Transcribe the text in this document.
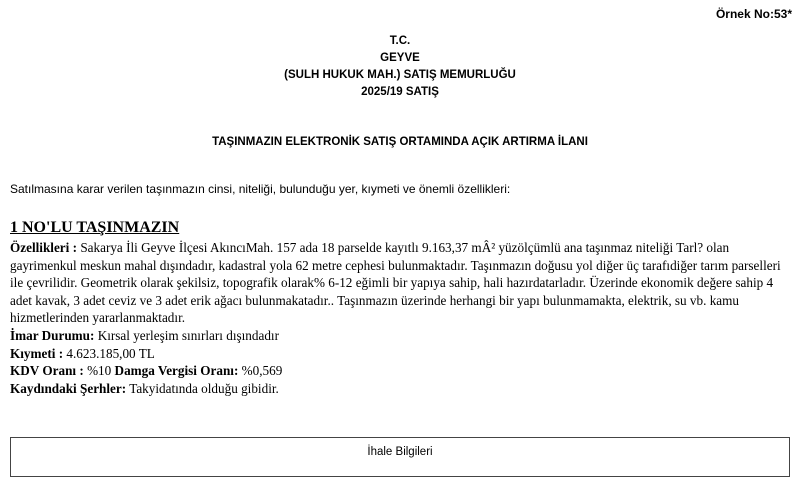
Örnek No:53*
T.C.
GEYVE
(SULH HUKUK MAH.) SATIŞ MEMURLUĞU
2025/19 SATIŞ
TAŞINMAZIN ELEKTRONİK SATIŞ ORTAMINDA AÇIK ARTIRMA İLANI
Satılmasına karar verilen taşınmazın cinsi, niteliği, bulunduğu yer, kıymeti ve önemli özellikleri:
1 NO'LU TAŞINMAZIN

Özellikleri : Sakarya İli Geyve İlçesi AkıncıMah. 157 ada 18 parselde kayıtlı 9.163,37 mÂ² yüzölçümlü ana taşınmaz niteliği Tarl? olan gayrimenkul meskun mahal dışındadır, kadastral yola 62 metre cephesi bulunmaktadır. Taşınmazın doğusu yol diğer üç tarafıdiğer tarım parselleri ile çevrilidir. Geometrik olarak şekilsiz, topografik olarak% 6-12 eğimli bir yapıya sahip, hali hazırdatarladır. Üzerinde ekonomik değere sahip 4 adet kavak, 3 adet ceviz ve 3 adet erik ağacı bulunmakatadır.. Taşınmazın üzerinde herhangi bir yapı bulunmamakta, elektrik, su vb. kamu hizmetlerinden yararlanmaktadır.

İmar Durumu: Kırsal yerleşim sınırları dışındadır

Kıymeti : 4.623.185,00 TL

KDV Oranı : %10 Damga Vergisi Oranı: %0,569

Kaydındaki Şerhler: Takyidatında olduğu gibidir.

İhale Bilgileri
